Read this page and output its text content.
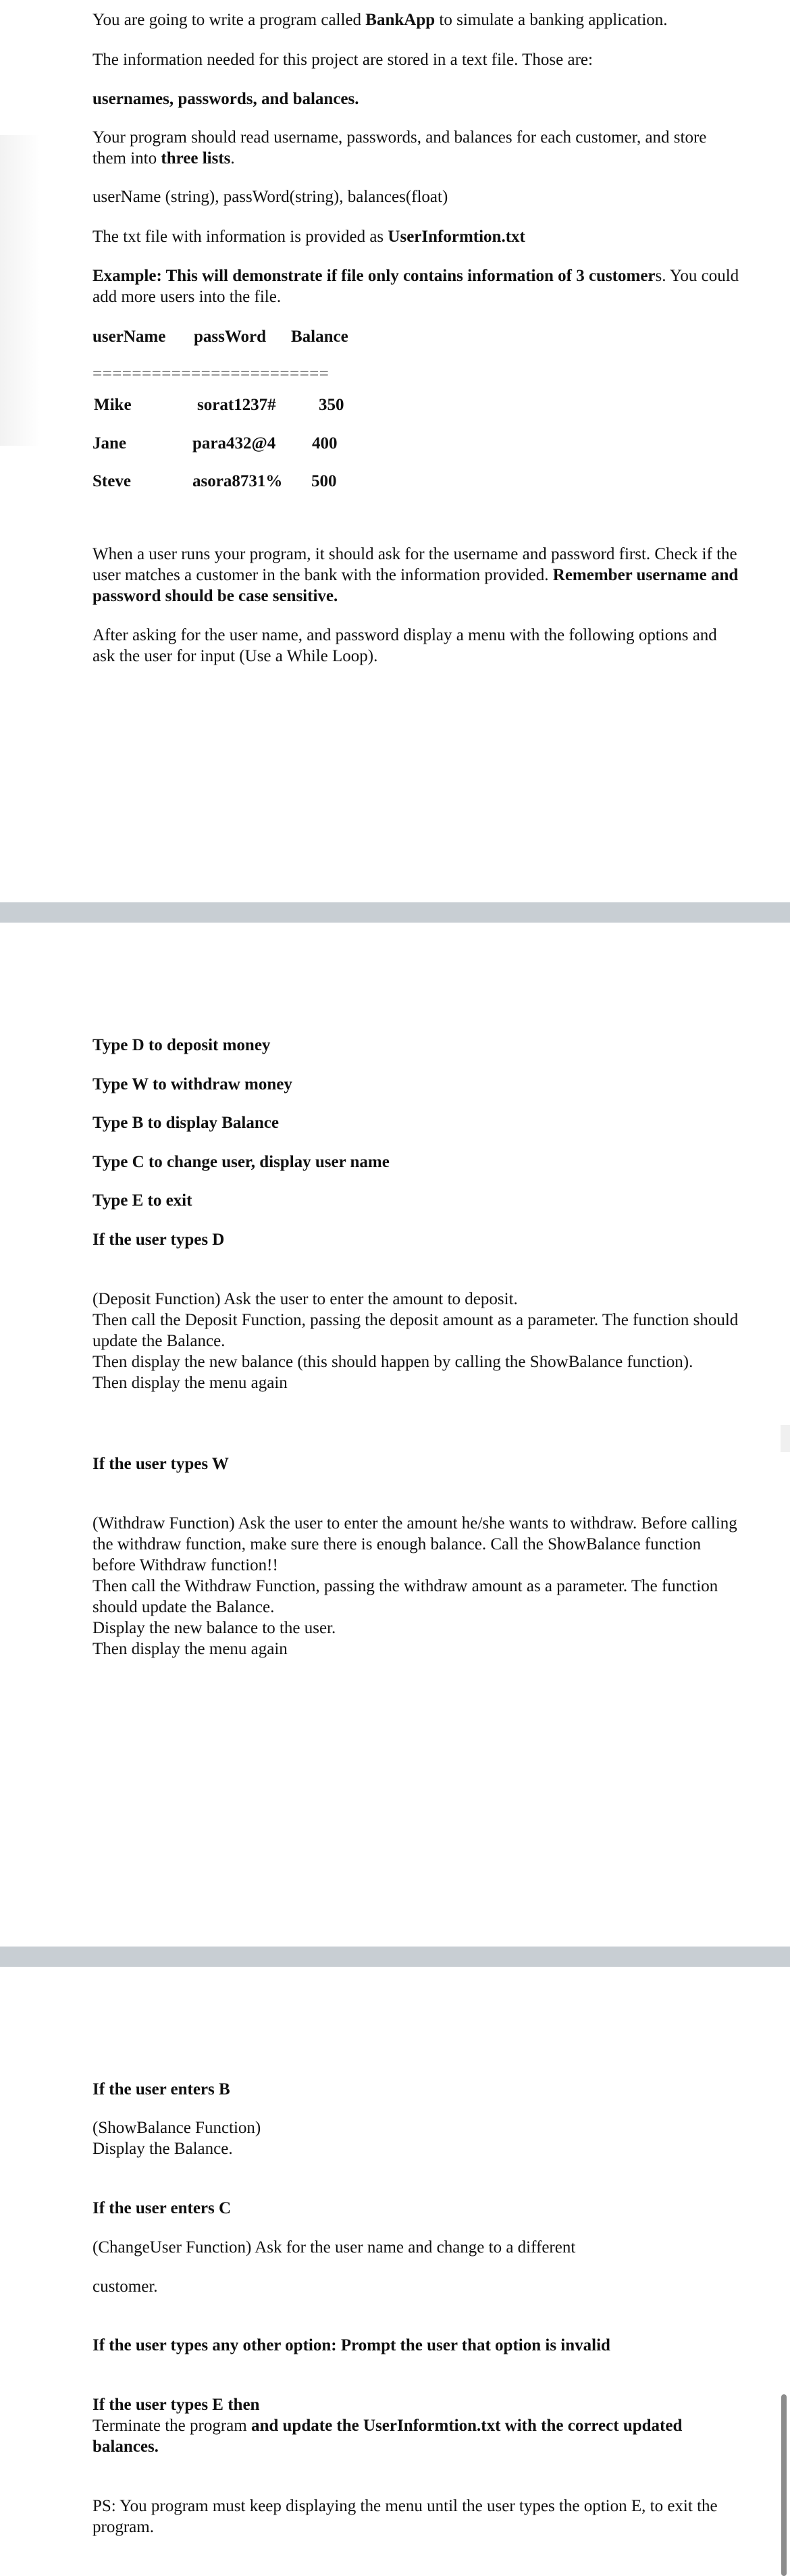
You are going to write a program called BankApp to simulate a banking application.

The information needed for this project are stored in a text file. Those are:

usernames, passwords, and balances.

Your program should read username, passwords, and balances for each customer, and store them into three lists.

userName (string), passWord(string), balances(float)

The txt file with information is provided as UserInformtion.txt

Example: This will demonstrate if file only contains information of 3 customers. You could add more users into the file.

userName passWord Balance
========================
Mike	sorat1237#	350
Jane	para432@4 400
Steve	asora8731% 500

When a user runs your program, it should ask for the username and password first. Check if the user matches a customer in the bank with the information provided. Remember username and password should be case sensitive.

After asking for the user name, and password display a menu with the following options and ask the user for input (Use a While Loop).

Type D to deposit money

Type W to withdraw money

Type B to display Balance

Type C to change user, display user name

Type E to exit

If the user types D

(Deposit Function) Ask the user to enter the amount to deposit.
Then call the Deposit Function, passing the deposit amount as a parameter. The function should update the Balance.
Then display the new balance (this should happen by calling the ShowBalance function).
Then display the menu again

If the user types W

(Withdraw Function) Ask the user to enter the amount he/she wants to withdraw. Before calling the withdraw function, make sure there is enough balance. Call the ShowBalance function before Withdraw function!!
Then call the Withdraw Function, passing the withdraw amount as a parameter. The function should update the Balance.
Display the new balance to the user.
Then display the menu again

If the user enters B

(ShowBalance Function)
Display the Balance.

If the user enters C

(ChangeUser Function) Ask for the user name and change to a different

customer.

If the user types any other option: Prompt the user that option is invalid

If the user types E then

Terminate the program and update the UserInformtion.txt with the correct updated balances.

PS: You program must keep displaying the menu until the user types the option E, to exit the program.
